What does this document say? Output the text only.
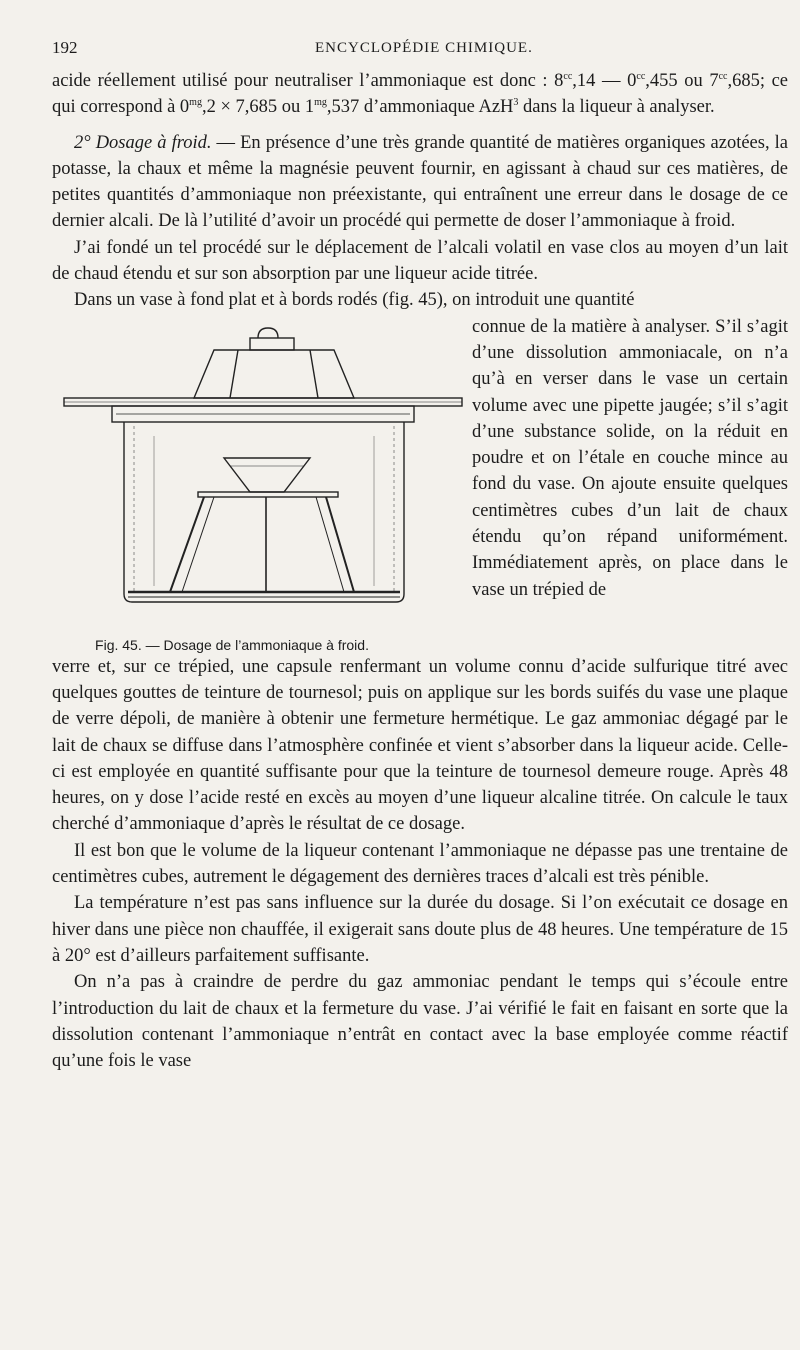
192	ENCYCLOPÉDIE CHIMIQUE.

acide réellement utilisé pour neutraliser l’ammoniaque est donc : $8^{cc},14$ — $0^{cc},455$ ou $7^{cc},685$; ce qui correspond à $0^{mg},2 \times 7,685$ ou $1^{mg},537$ d’ammoniaque AzH$^3$ dans la liqueur à analyser.

2° Dosage à froid. — En présence d’une très grande quantité de matières organiques azotées, la potasse, la chaux et même la magnésie peuvent fournir, en agissant à chaud sur ces matières, de petites quantités d’ammoniaque non préexistante, qui entraînent une erreur dans le dosage de ce dernier alcali. De là l’utilité d’avoir un procédé qui permette de doser l’ammoniaque à froid.

J’ai fondé un tel procédé sur le déplacement de l’alcali volatil en vase clos au moyen d’un lait de chaud étendu et sur son absorption par une liqueur acide titrée.

Dans un vase à fond plat et à bords rodés (fig. 45), on introduit une quantité

Fig. 45. — Dosage de l’ammoniaque à froid.

connue de la matière à analyser. S’il s’agit d’une dissolution ammoniacale, on n’a qu’à en verser dans le vase un certain volume avec une pipette jaugée; s’il s’agit d’une substance solide, on la réduit en poudre et on l’étale en couche mince au fond du vase. On ajoute ensuite quelques centimètres cubes d’un lait de chaux étendu qu’on répand uniformément. Immédiatement après, on place dans le vase un trépied de

verre et, sur ce trépied, une capsule renfermant un volume connu d’acide sulfurique titré avec quelques gouttes de teinture de tournesol; puis on applique sur les bords suifés du vase une plaque de verre dépoli, de manière à obtenir une fermeture hermétique. Le gaz ammoniac dégagé par le lait de chaux se diffuse dans l’atmosphère confinée et vient s’absorber dans la liqueur acide. Celle-ci est employée en quantité suffisante pour que la teinture de tournesol demeure rouge. Après 48 heures, on y dose l’acide resté en excès au moyen d’une liqueur alcaline titrée. On calcule le taux cherché d’ammoniaque d’après le résultat de ce dosage.

Il est bon que le volume de la liqueur contenant l’ammoniaque ne dépasse pas une trentaine de centimètres cubes, autrement le dégagement des dernières traces d’alcali est très pénible.

La température n’est pas sans influence sur la durée du dosage. Si l’on exécutait ce dosage en hiver dans une pièce non chauffée, il exigerait sans doute plus de 48 heures. Une température de 15 à 20° est d’ailleurs parfaitement suffisante.

On n’a pas à craindre de perdre du gaz ammoniac pendant le temps qui s’écoule entre l’introduction du lait de chaux et la fermeture du vase. J’ai vérifié le fait en faisant en sorte que la dissolution contenant l’ammoniaque n’entrât en contact avec la base employée comme réactif qu’une fois le vase
